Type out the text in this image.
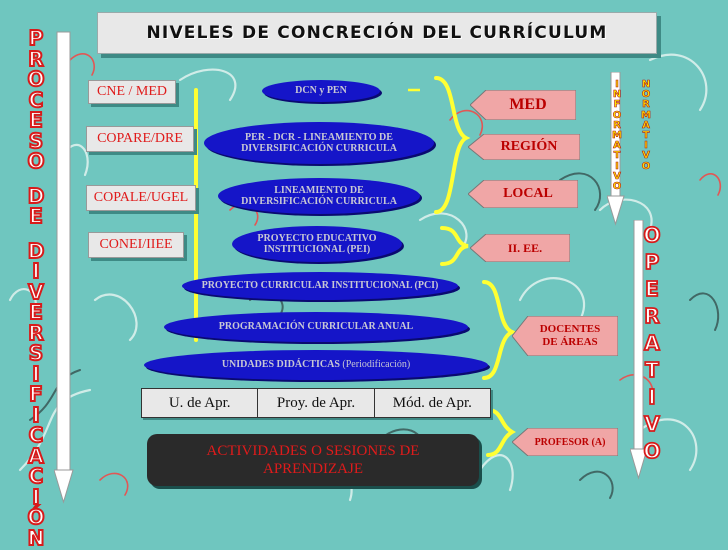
NIVELES DE CONCRECIÓN DEL CURRÍCULUM
P
R
O
C
E
S
O
D
E
D
I
V
E
R
S
I
F
I
C
A
C
I
Ó
N
I
N
F
O
R
M
A
T
I
V
O
N
O
R
M
A
T
I
V
O
O
P
E
R
A
T
I
V
O
CNE / MED
COPARE/DRE
COPALE/UGEL
CONEI/IIEE
DCN y PEN
PER - DCR - LINEAMIENTO DE
DIVERSIFICACIÓN CURRICULA
LINEAMIENTO DE
DIVERSIFICACIÓN CURRICULA
PROYECTO EDUCATIVO
INSTITUCIONAL (PEI)
PROYECTO CURRICULAR INSTITUCIONAL (PCI)
PROGRAMACIÓN CURRICULAR ANUAL
UNIDADES DIDÁCTICAS (Periodificación)
MED
REGIÓN
LOCAL
II. EE.
DOCENTES DE ÁREAS
PROFESOR (A)
U. de Apr.	Proy. de Apr.	Mód. de Apr.
ACTIVIDADES O SESIONES DE APRENDIZAJE
